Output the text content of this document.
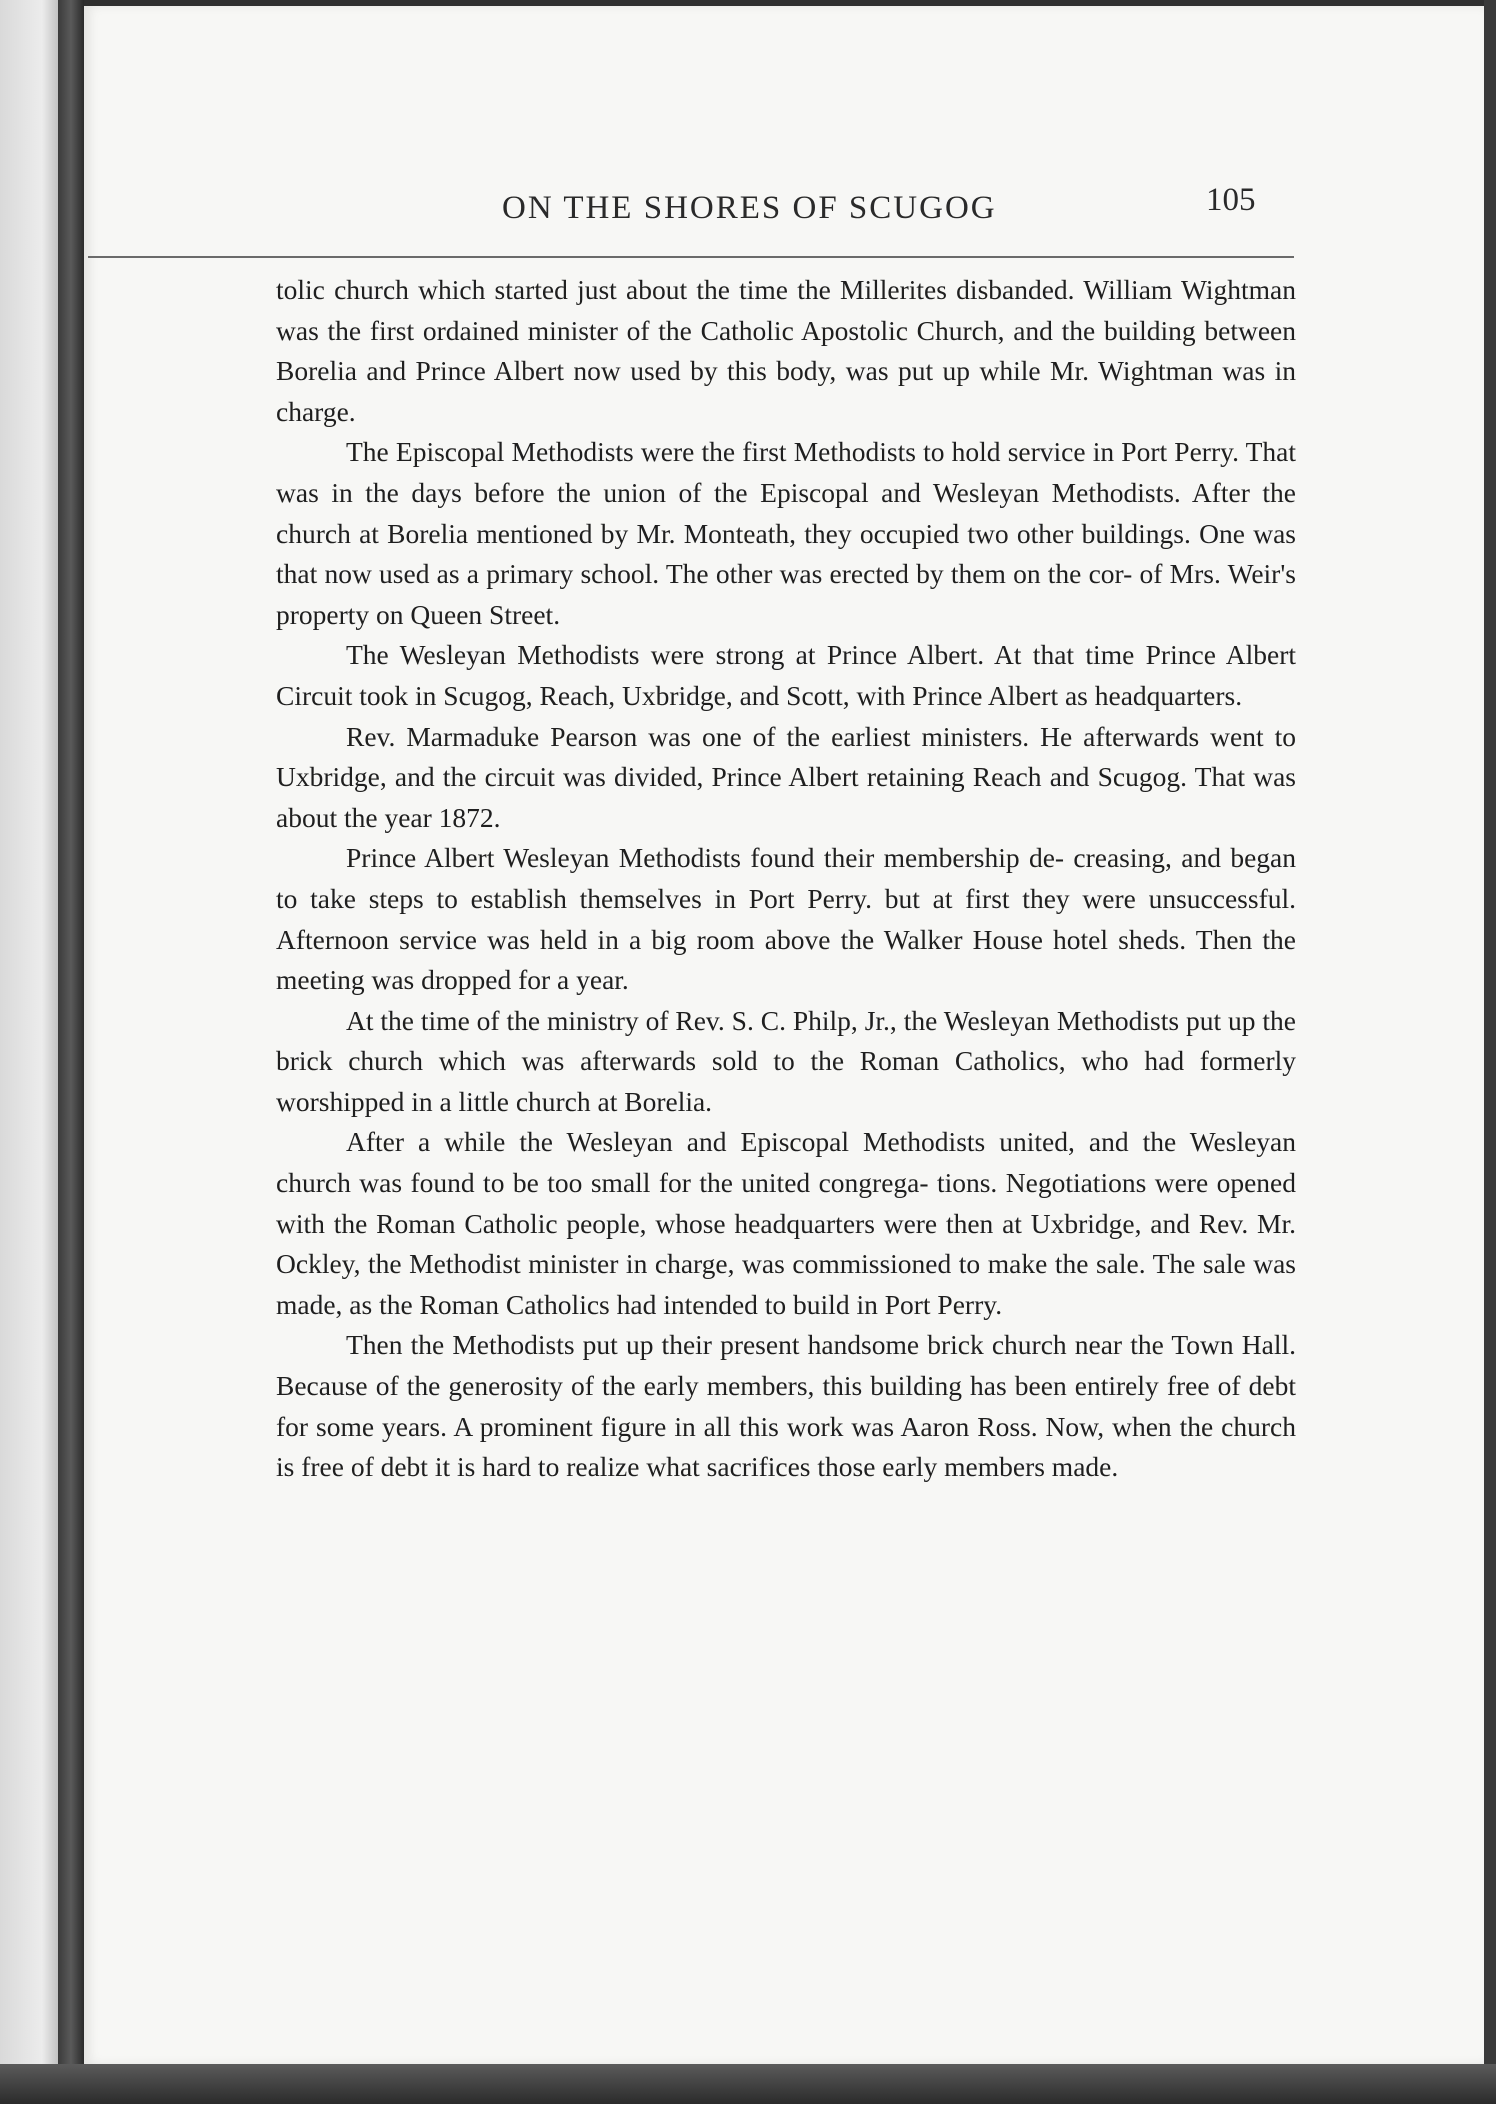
ON THE SHORES OF SCUGOG	105

tolic church which started just about the time the Millerites disbanded. William Wightman was the first ordained minister of the Catholic Apostolic Church, and the building between Borelia and Prince Albert now used by this body, was put up while Mr. Wightman was in charge.

The Episcopal Methodists were the first Methodists to hold service in Port Perry. That was in the days before the union of the Episcopal and Wesleyan Methodists. After the church at Borelia mentioned by Mr. Monteath, they occupied two other buildings. One was that now used as a primary school. The other was erected by them on the cor- of Mrs. Weir's property on Queen Street.

The Wesleyan Methodists were strong at Prince Albert. At that time Prince Albert Circuit took in Scugog, Reach, Uxbridge, and Scott, with Prince Albert as headquarters.

Rev. Marmaduke Pearson was one of the earliest ministers. He afterwards went to Uxbridge, and the circuit was divided, Prince Albert retaining Reach and Scugog. That was about the year 1872.

Prince Albert Wesleyan Methodists found their membership de- creasing, and began to take steps to establish themselves in Port Perry. but at first they were unsuccessful. Afternoon service was held in a big room above the Walker House hotel sheds. Then the meeting was dropped for a year.

At the time of the ministry of Rev. S. C. Philp, Jr., the Wesleyan Methodists put up the brick church which was afterwards sold to the Roman Catholics, who had formerly worshipped in a little church at Borelia.

After a while the Wesleyan and Episcopal Methodists united, and the Wesleyan church was found to be too small for the united congrega- tions. Negotiations were opened with the Roman Catholic people, whose headquarters were then at Uxbridge, and Rev. Mr. Ockley, the Methodist minister in charge, was commissioned to make the sale. The sale was made, as the Roman Catholics had intended to build in Port Perry.

Then the Methodists put up their present handsome brick church near the Town Hall. Because of the generosity of the early members, this building has been entirely free of debt for some years. A prominent figure in all this work was Aaron Ross. Now, when the church is free of debt it is hard to realize what sacrifices those early members made.
